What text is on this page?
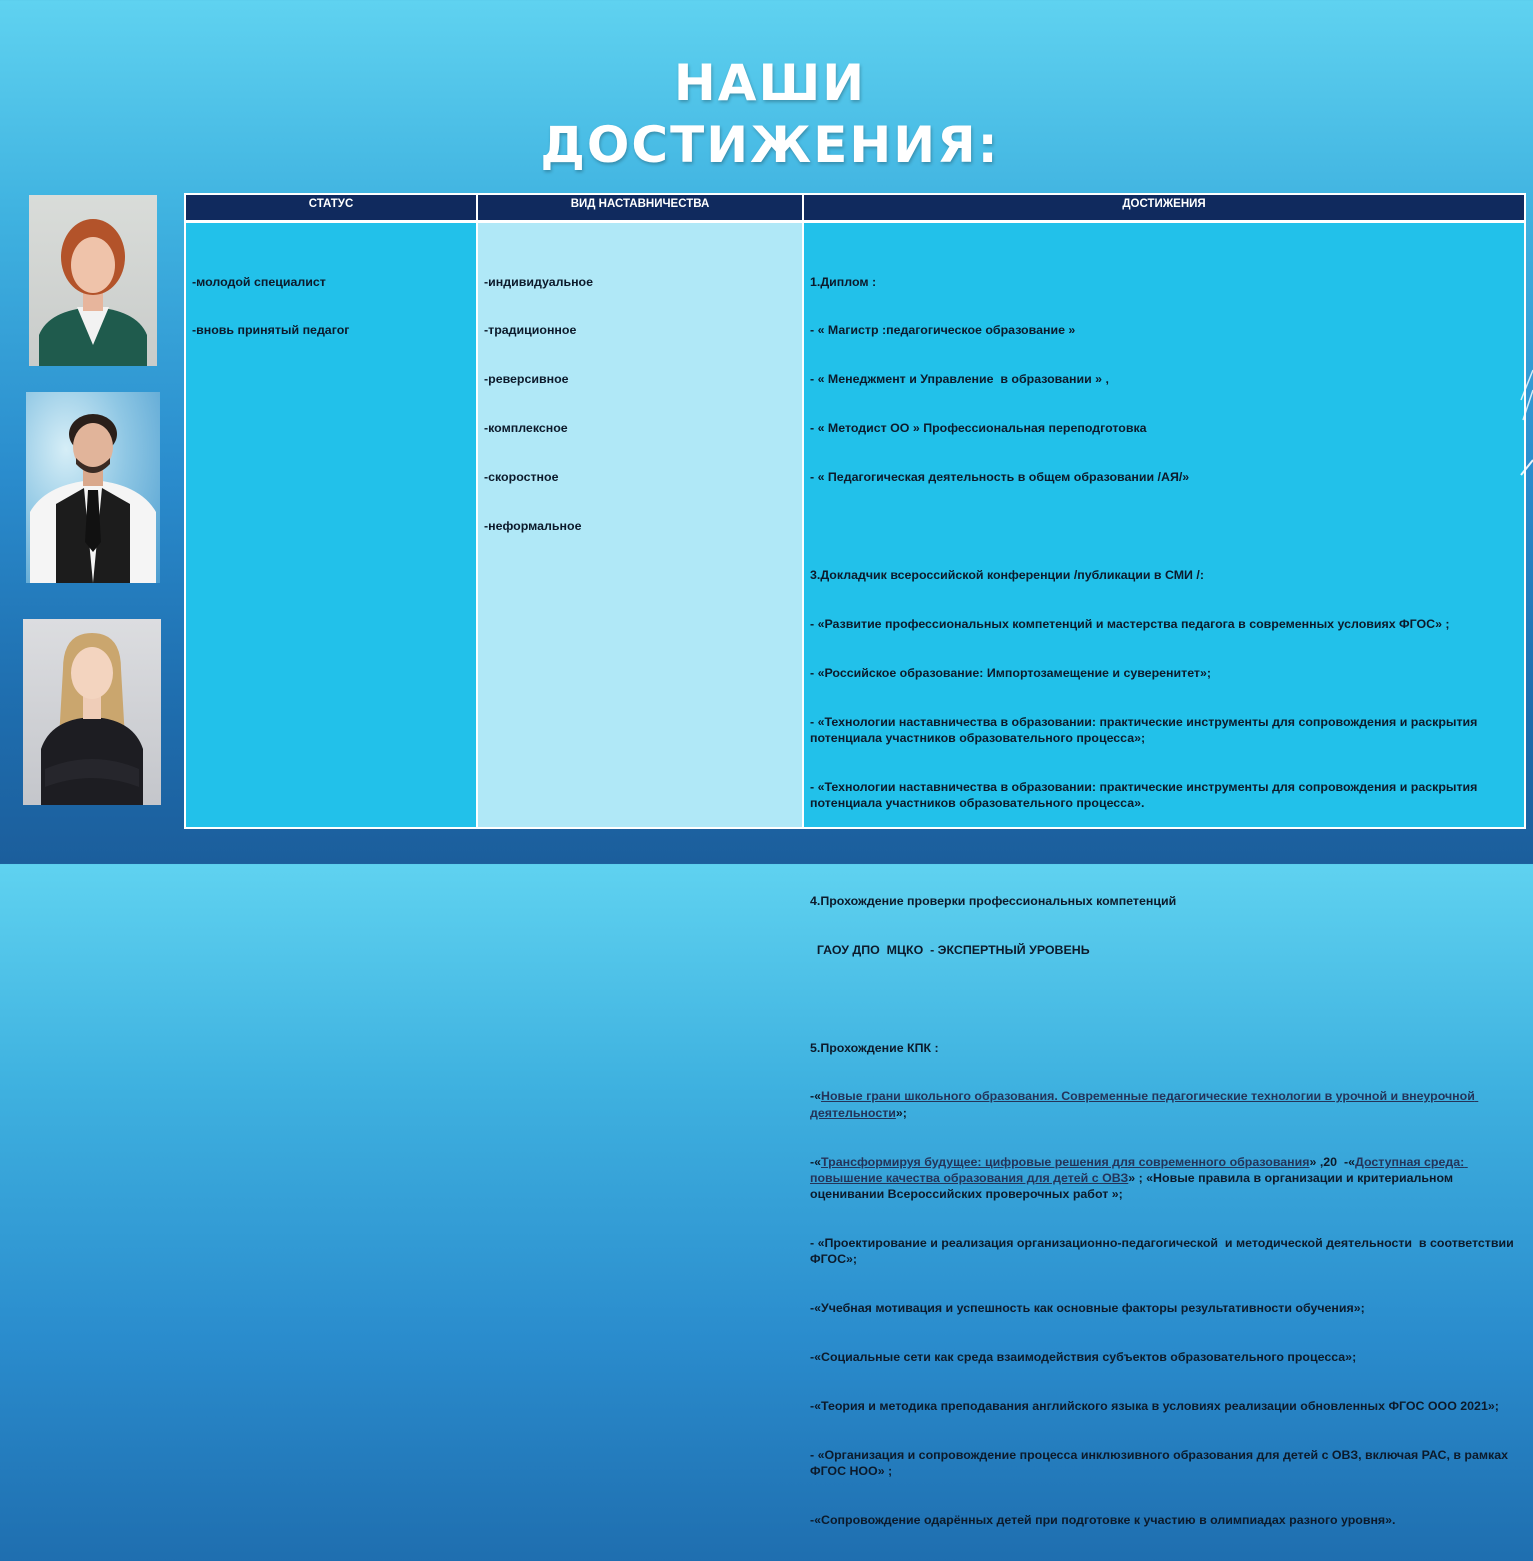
НАШИ
ДОСТИЖЕНИЯ:
СТАТУС	ВИД НАСТАВНИЧЕСТВА	ДОСТИЖЕНИЯ

-молодой специалист

-вновь принятый педагог

-индивидуальное

-традиционное

-реверсивное

-комплексное

-скоростное

-неформальное

1.Диплом :

- « Магистр :педагогическое образование »

- « Менеджмент и Управление  в образовании » ,

- « Методист ОО » Профессиональная переподготовка

- « Педагогическая деятельность в общем образовании /АЯ/»

3.Докладчик всероссийской конференции /публикации в СМИ /:

- «Развитие профессиональных компетенций и мастерства педагога в современных условиях ФГОС» ;

- «Российское образование: Импортозамещение и суверенитет»;

- «Технологии наставничества в образовании: практические инструменты для сопровождения и раскрытия потенциала участников образовательного процесса»;

- «Технологии наставничества в образовании: практические инструменты для сопровождения и раскрытия потенциала участников образовательного процесса».

4.Прохождение проверки профессиональных компетенций

ГАОУ ДПО  МЦКО  - ЭКСПЕРТНЫЙ УРОВЕНЬ

5.Прохождение КПК :

-«Новые грани школьного образования. Современные педагогические технологии в урочной и внеурочной деятельности»;

-«Трансформируя будущее: цифровые решения для современного образования» ,20  -«Доступная среда: повышение качества образования для детей с ОВЗ» ; «Новые правила в организации и критериальном оценивании Всероссийских проверочных работ »;

- «Проектирование и реализация организационно-педагогической  и методической деятельности  в соответствии ФГОС»;

-«Учебная мотивация и успешность как основные факторы результативности обучения»;

-«Социальные сети как среда взаимодействия субъектов образовательного процесса»;

-«Теория и методика преподавания английского языка в условиях реализации обновленных ФГОС ООО 2021»;

- «Организация и сопровождение процесса инклюзивного образования для детей с ОВЗ, включая РАС, в рамках ФГОС НОО» ;

-«Сопровождение одарённых детей при подготовке к участию в олимпиадах разного уровня».
